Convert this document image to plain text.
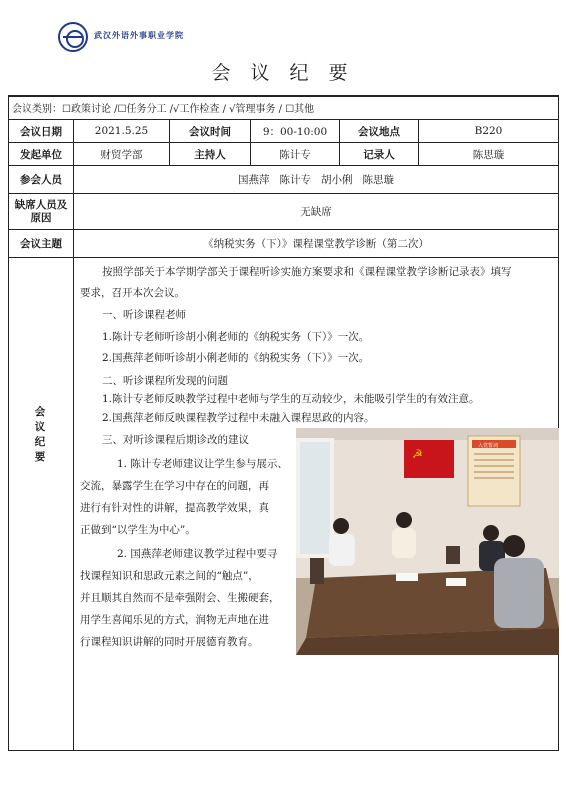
武汉外语外事职业学院
会 议 纪 要
会议类别：☐政策讨论 /☐任务分工 /√工作检查 / √管理事务 / ☐其他
会议日期	2021.5.25	会议时间	9：00-10:00	会议地点	B220
发起单位	财贸学部	主持人	陈计专	记录人	陈思璇
参会人员	国燕萍   陈计专   胡小俐   陈思璇
缺席人员及原因	无缺席
会议主题	《纳税实务（下）》课程课堂教学诊断（第二次）
会议纪要
按照学部关于本学期学部关于课程听诊实施方案要求和《课程课堂教学诊断记录表》填写
要求，召开本次会议。
一、听诊课程老师
1.陈计专老师听诊胡小俐老师的《纳税实务（下）》一次。
2.国燕萍老师听诊胡小俐老师的《纳税实务（下）》一次。
二、听诊课程所发现的问题
1.陈计专老师反映教学过程中老师与学生的互动较少，未能吸引学生的有效注意。
2.国燕萍老师反映课程教学过程中未融入课程思政的内容。
三、对听诊课程后期诊改的建议
1. 陈计专老师建议让学生参与展示、
交流，暴露学生在学习中存在的问题，再
进行有针对性的讲解，提高教学效果，真
正做到“以学生为中心”。
2. 国燕萍老师建议教学过程中要寻
找课程知识和思政元素之间的“触点”，
并且顺其自然而不是牵强附会、生搬硬套，
用学生喜闻乐见的方式，润物无声地在进
行课程知识讲解的同时开展德育教育。
☭
入党誓词
